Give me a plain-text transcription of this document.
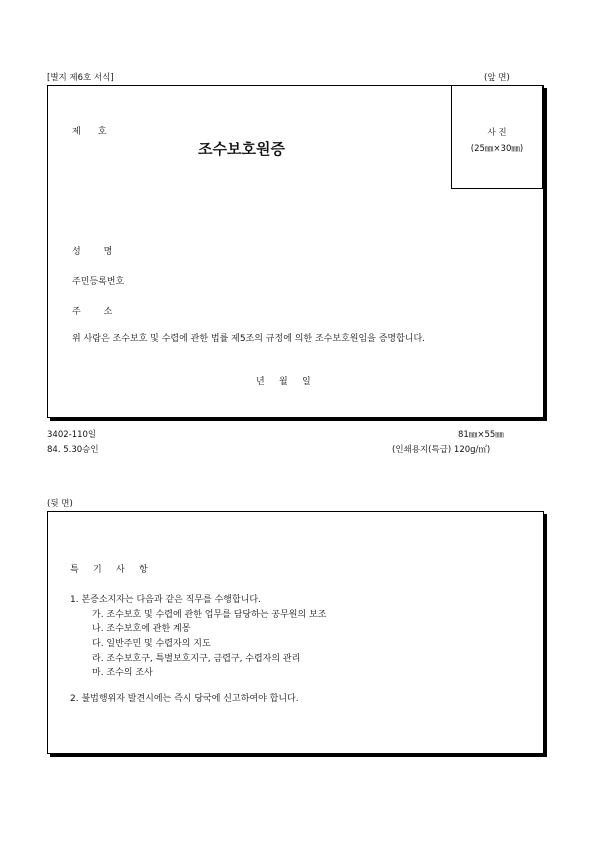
[별지 제6호 서식]	(앞 면)
사 진
(25㎜×30㎜)
제      호
조수보호원증
성        명
주민등록번호
주        소
위 사람은 조수보호 및 수렵에 관한 법률 제5조의 규정에 의한 조수보호원임을 증명합니다.
년     월     일
3402-110일
84. 5.30승인
81㎜×55㎜
(인쇄용지(특급) 120g/㎡)
(뒷 면)
특     기     사     항
1. 본증소지자는 다음과 같은 직무를 수행합니다.
가. 조수보호 및 수렵에 관한 업무를 담당하는 공무원의 보조
나. 조수보호에 관한 계몽
다. 일반주민 및 수렵자의 지도
라. 조수보호구, 특별보호지구, 금렵구, 수렵자의 관리
마. 조수의 조사
2. 불법행위자 발견시에는 즉시 당국에 신고하여야 합니다.
